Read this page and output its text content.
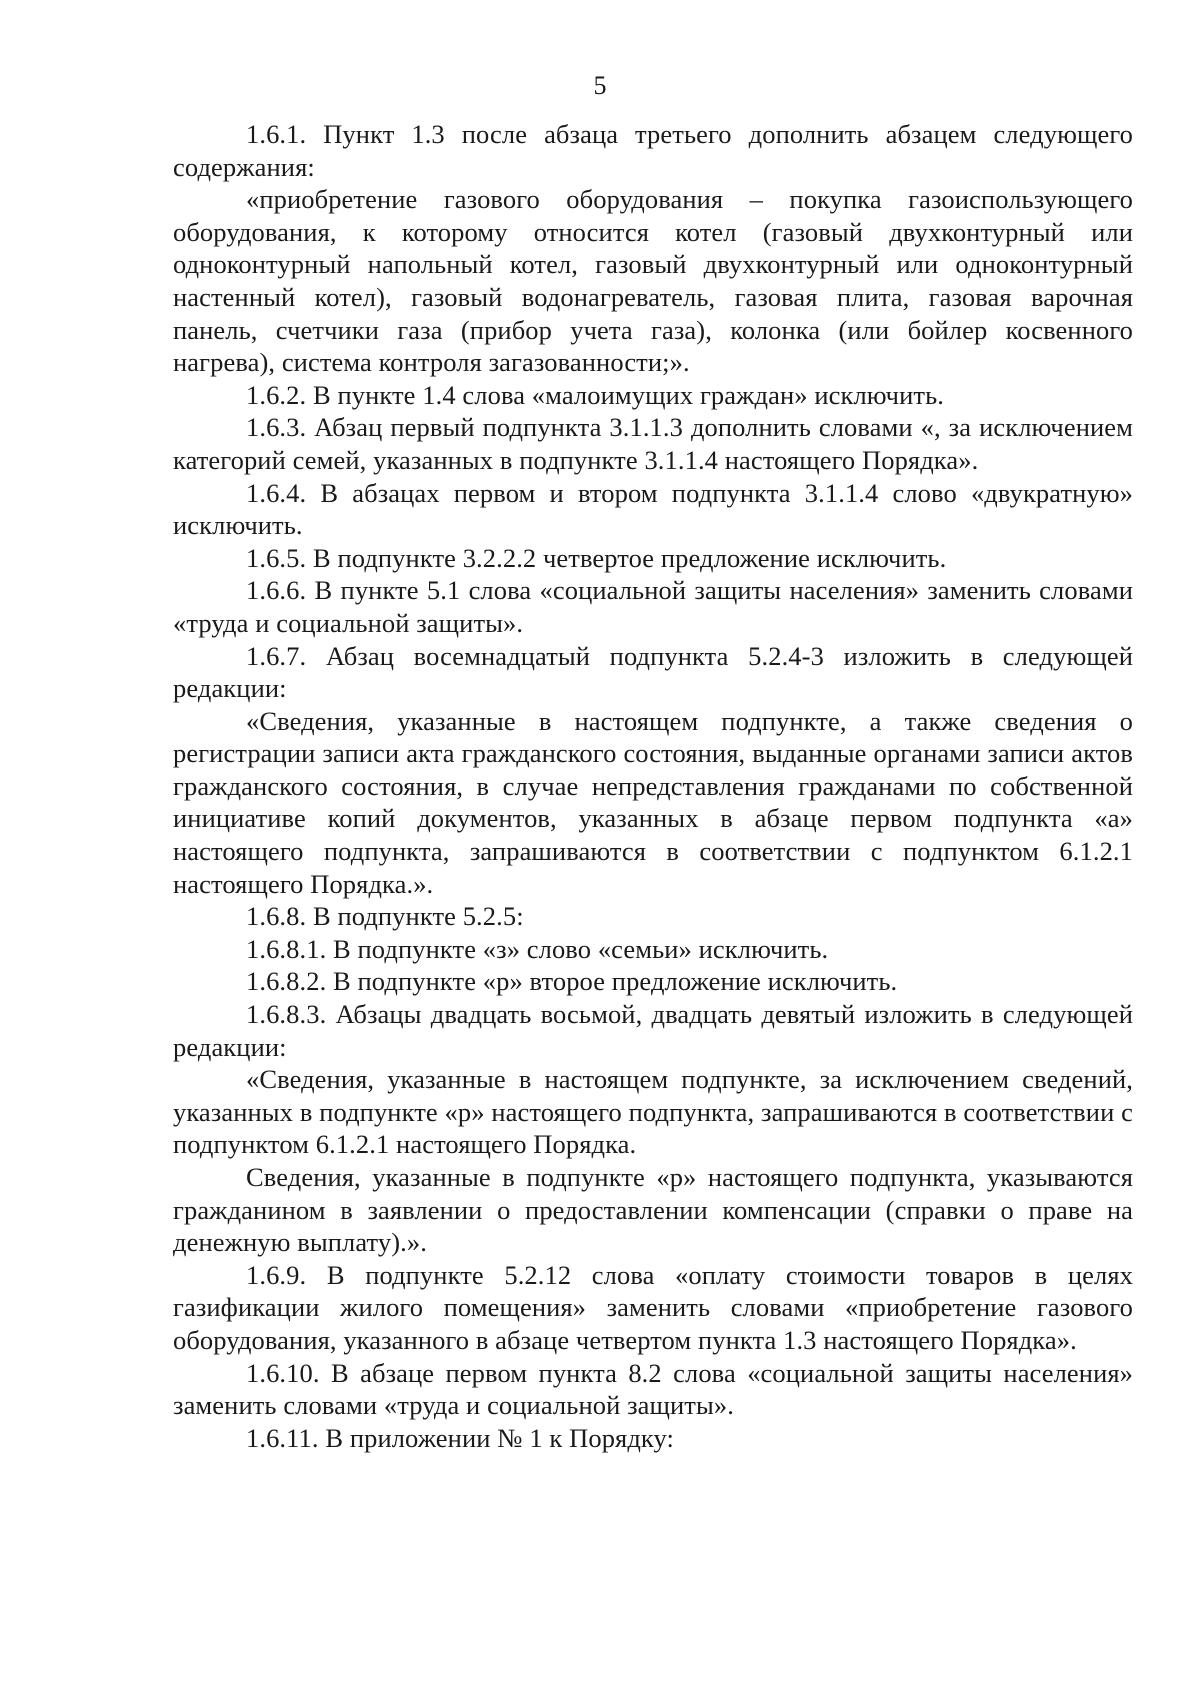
5

1.6.1. Пункт 1.3 после абзаца третьего дополнить абзацем следующего содержания:

«приобретение газового оборудования – покупка газоиспользующего оборудования, к которому относится котел (газовый двухконтурный или одноконтурный напольный котел, газовый двухконтурный или одноконтурный настенный котел), газовый водонагреватель, газовая плита, газовая варочная панель, счетчики газа (прибор учета газа), колонка (или бойлер косвенного нагрева), система контроля загазованности;».

1.6.2. В пункте 1.4 слова «малоимущих граждан» исключить.

1.6.3. Абзац первый подпункта 3.1.1.3 дополнить словами «, за исключением категорий семей, указанных в подпункте 3.1.1.4 настоящего Порядка».

1.6.4. В абзацах первом и втором подпункта 3.1.1.4 слово «двукратную» исключить.

1.6.5. В подпункте 3.2.2.2 четвертое предложение исключить.

1.6.6. В пункте 5.1 слова «социальной защиты населения» заменить словами «труда и социальной защиты».

1.6.7. Абзац восемнадцатый подпункта 5.2.4-3 изложить в следующей редакции:

«Сведения, указанные в настоящем подпункте, а также сведения о регистрации записи акта гражданского состояния, выданные органами записи актов гражданского состояния, в случае непредставления гражданами по собственной инициативе копий документов, указанных в абзаце первом подпункта «а» настоящего подпункта, запрашиваются в соответствии с подпунктом 6.1.2.1 настоящего Порядка.».

1.6.8. В подпункте 5.2.5:

1.6.8.1. В подпункте «з» слово «семьи» исключить.

1.6.8.2. В подпункте «р» второе предложение исключить.

1.6.8.3. Абзацы двадцать восьмой, двадцать девятый изложить в следующей редакции:

«Сведения, указанные в настоящем подпункте, за исключением сведений, указанных в подпункте «р» настоящего подпункта, запрашиваются в соответствии с подпунктом 6.1.2.1 настоящего Порядка.

Сведения, указанные в подпункте «р» настоящего подпункта, указываются гражданином в заявлении о предоставлении компенсации (справки о праве на денежную выплату).».

1.6.9. В подпункте 5.2.12 слова «оплату стоимости товаров в целях газификации жилого помещения» заменить словами «приобретение газового оборудования, указанного в абзаце четвертом пункта 1.3 настоящего Порядка».

1.6.10. В абзаце первом пункта 8.2 слова «социальной защиты населения» заменить словами «труда и социальной защиты».

1.6.11. В приложении № 1 к Порядку:
